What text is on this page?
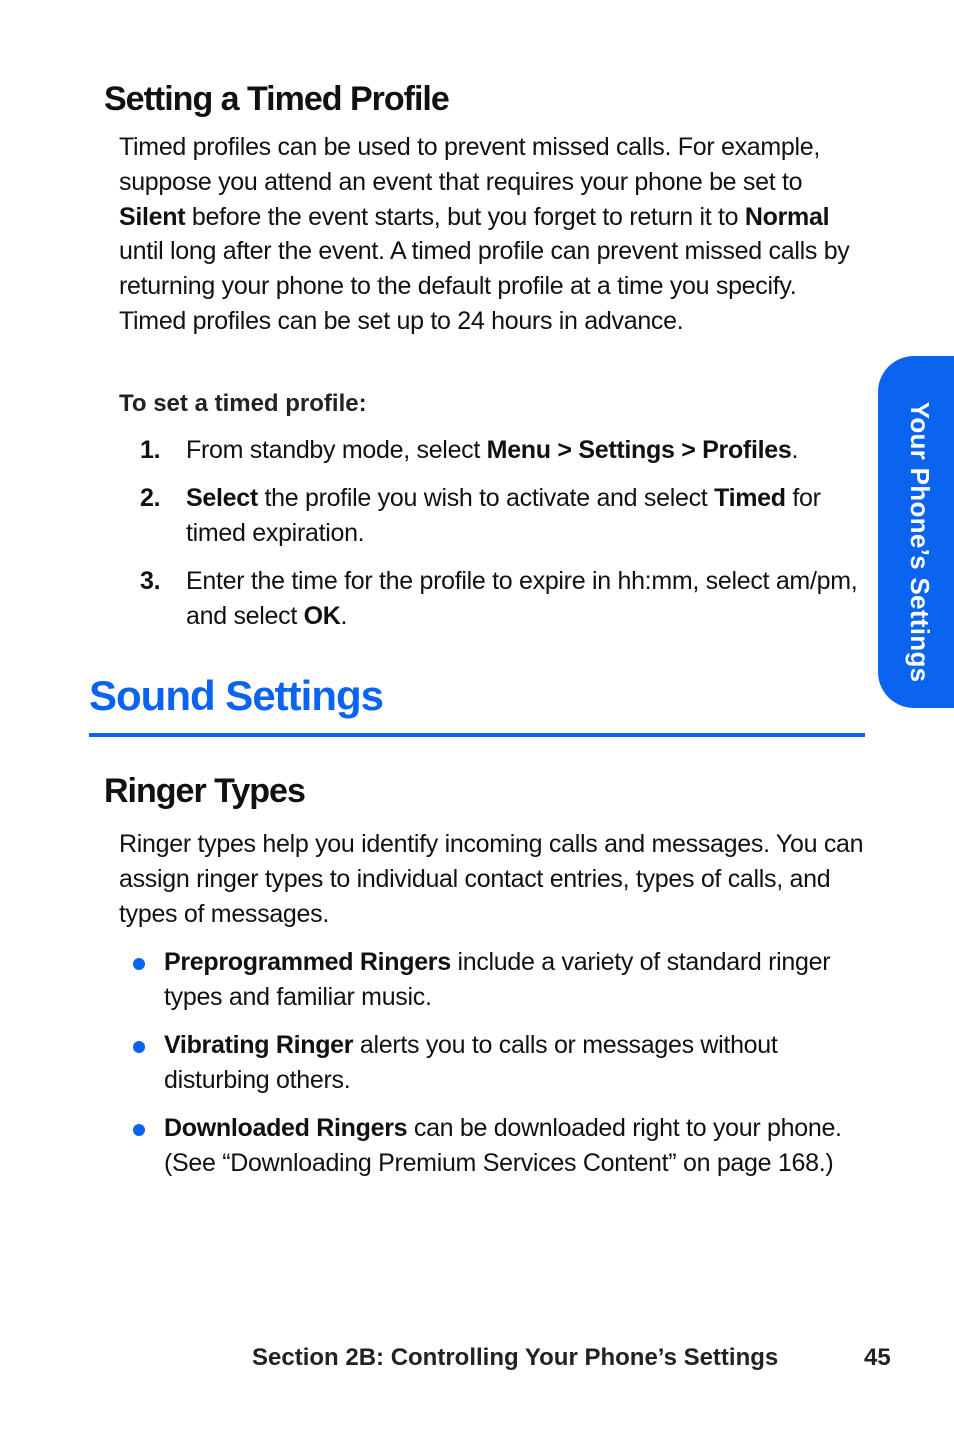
Setting a Timed Profile

Timed profiles can be used to prevent missed calls. For example, suppose you attend an event that requires your phone be set to Silent before the event starts, but you forget to return it to Normal until long after the event. A timed profile can prevent missed calls by returning your phone to the default profile at a time you specify. Timed profiles can be set up to 24 hours in advance.

To set a timed profile:

1.	From standby mode, select Menu > Settings > Profiles.
2.	Select the profile you wish to activate and select Timed for timed expiration.
3.	Enter the time for the profile to expire in hh:mm, select am/pm, and select OK.
Sound Settings
Ringer Types

Ringer types help you identify incoming calls and messages. You can assign ringer types to individual contact entries, types of calls, and types of messages.

Preprogrammed Ringers include a variety of standard ringer types and familiar music.
Vibrating Ringer alerts you to calls or messages without disturbing others.
Downloaded Ringers can be downloaded right to your phone. (See “Downloading Premium Services Content” on page 168.)
Your Phone’s Settings

Section 2B: Controlling Your Phone’s Settings	45
